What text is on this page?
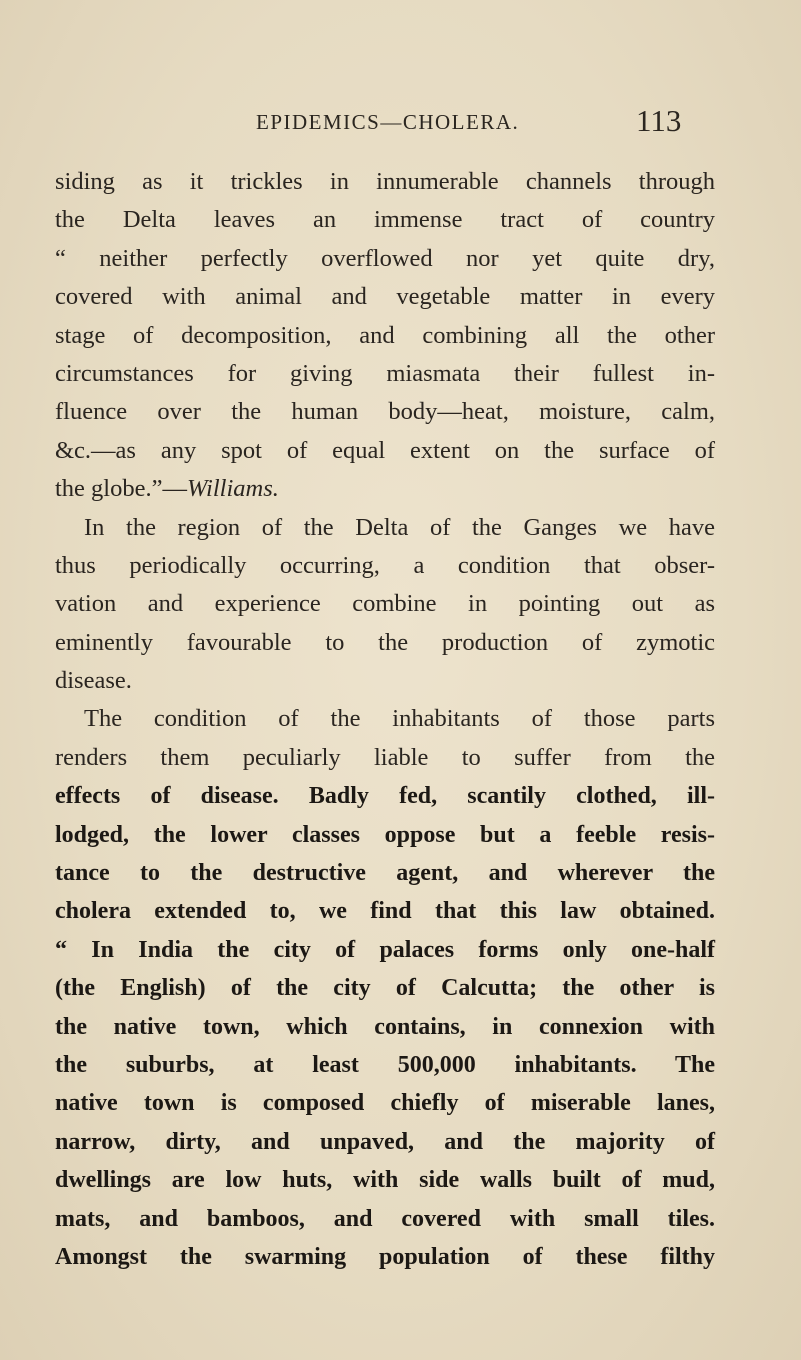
EPIDEMICS—CHOLERA.	113
siding as it trickles in innumerable channels through
the Delta leaves an immense tract of country
“ neither perfectly overflowed nor yet quite dry,
covered with animal and vegetable matter in every
stage of decomposition, and combining all the other
circumstances for giving miasmata their fullest in-
fluence over the human body—heat, moisture, calm,
&c.—as any spot of equal extent on the surface of
the globe.”—Williams.
In the region of the Delta of the Ganges we have
thus periodically occurring, a condition that obser-
vation and experience combine in pointing out as
eminently favourable to the production of zymotic
disease.
The condition of the inhabitants of those parts
renders them peculiarly liable to suffer from the
effects of disease. Badly fed, scantily clothed, ill-
lodged, the lower classes oppose but a feeble resis-
tance to the destructive agent, and wherever the
cholera extended to, we find that this law obtained.
“ In India the city of palaces forms only one-half
(the English) of the city of Calcutta; the other is
the native town, which contains, in connexion with
the suburbs, at least 500,000 inhabitants. The
native town is composed chiefly of miserable lanes,
narrow, dirty, and unpaved, and the majority of
dwellings are low huts, with side walls built of mud,
mats, and bamboos, and covered with small tiles.
Amongst the swarming population of these filthy
